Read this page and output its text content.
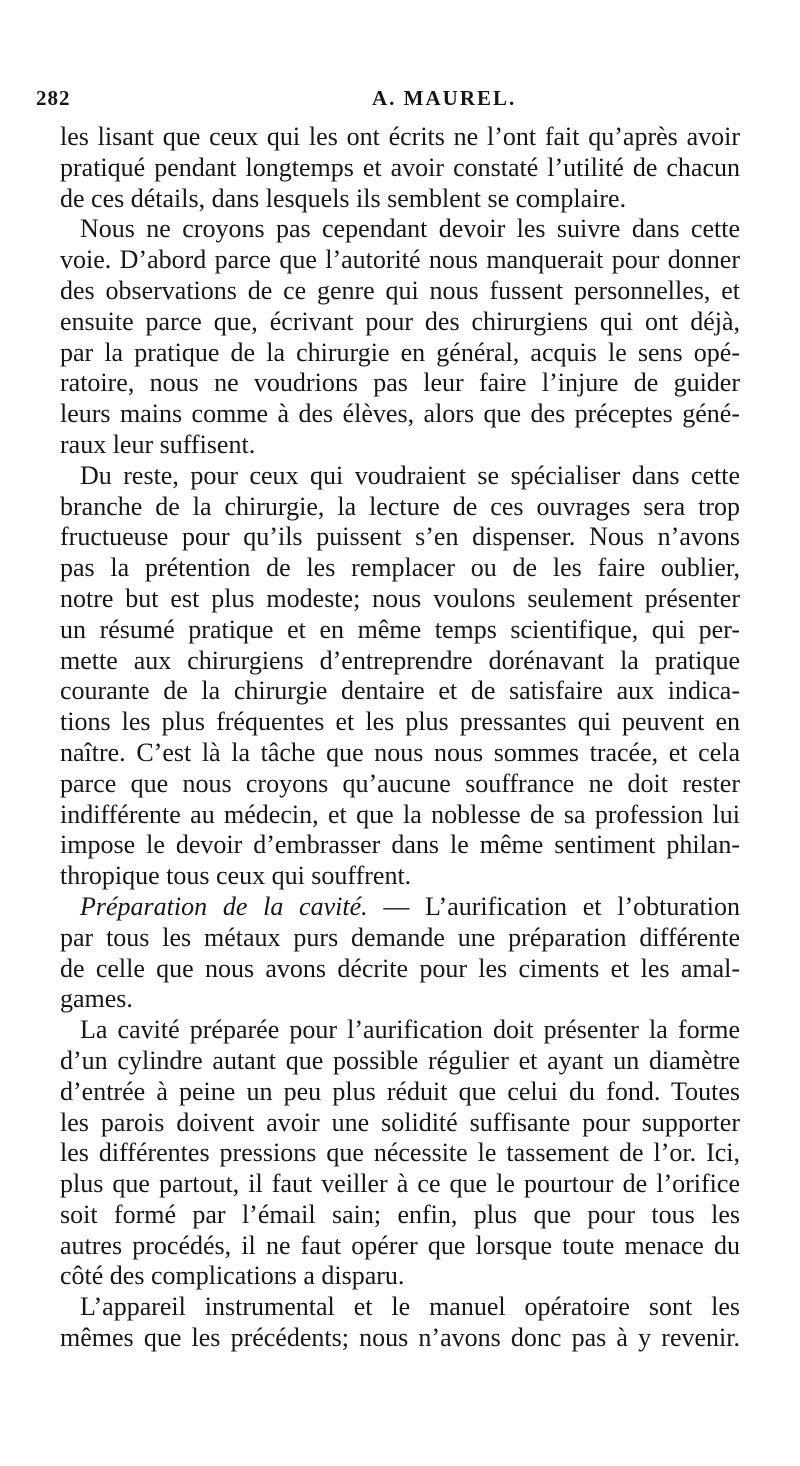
282	A. MAUREL.
les lisant que ceux qui les ont écrits ne l’ont fait qu’après avoir
pratiqué pendant longtemps et avoir constaté l’utilité de chacun
de ces détails, dans lesquels ils semblent se complaire.
Nous ne croyons pas cependant devoir les suivre dans cette
voie. D’abord parce que l’autorité nous manquerait pour donner
des observations de ce genre qui nous fussent personnelles, et
ensuite parce que, écrivant pour des chirurgiens qui ont déjà,
par la pratique de la chirurgie en général, acquis le sens opé-
ratoire, nous ne voudrions pas leur faire l’injure de guider
leurs mains comme à des élèves, alors que des préceptes géné-
raux leur suffisent.
Du reste, pour ceux qui voudraient se spécialiser dans cette
branche de la chirurgie, la lecture de ces ouvrages sera trop
fructueuse pour qu’ils puissent s’en dispenser. Nous n’avons
pas la prétention de les remplacer ou de les faire oublier,
notre but est plus modeste; nous voulons seulement présenter
un résumé pratique et en même temps scientifique, qui per-
mette aux chirurgiens d’entreprendre dorénavant la pratique
courante de la chirurgie dentaire et de satisfaire aux indica-
tions les plus fréquentes et les plus pressantes qui peuvent en
naître. C’est là la tâche que nous nous sommes tracée, et cela
parce que nous croyons qu’aucune souffrance ne doit rester
indifférente au médecin, et que la noblesse de sa profession lui
impose le devoir d’embrasser dans le même sentiment philan-
thropique tous ceux qui souffrent.
Préparation de la cavité. — L’aurification et l’obturation
par tous les métaux purs demande une préparation différente
de celle que nous avons décrite pour les ciments et les amal-
games.
La cavité préparée pour l’aurification doit présenter la forme
d’un cylindre autant que possible régulier et ayant un diamètre
d’entrée à peine un peu plus réduit que celui du fond. Toutes
les parois doivent avoir une solidité suffisante pour supporter
les différentes pressions que nécessite le tassement de l’or. Ici,
plus que partout, il faut veiller à ce que le pourtour de l’orifice
soit formé par l’émail sain; enfin, plus que pour tous les
autres procédés, il ne faut opérer que lorsque toute menace du
côté des complications a disparu.
L’appareil instrumental et le manuel opératoire sont les
mêmes que les précédents; nous n’avons donc pas à y revenir.
